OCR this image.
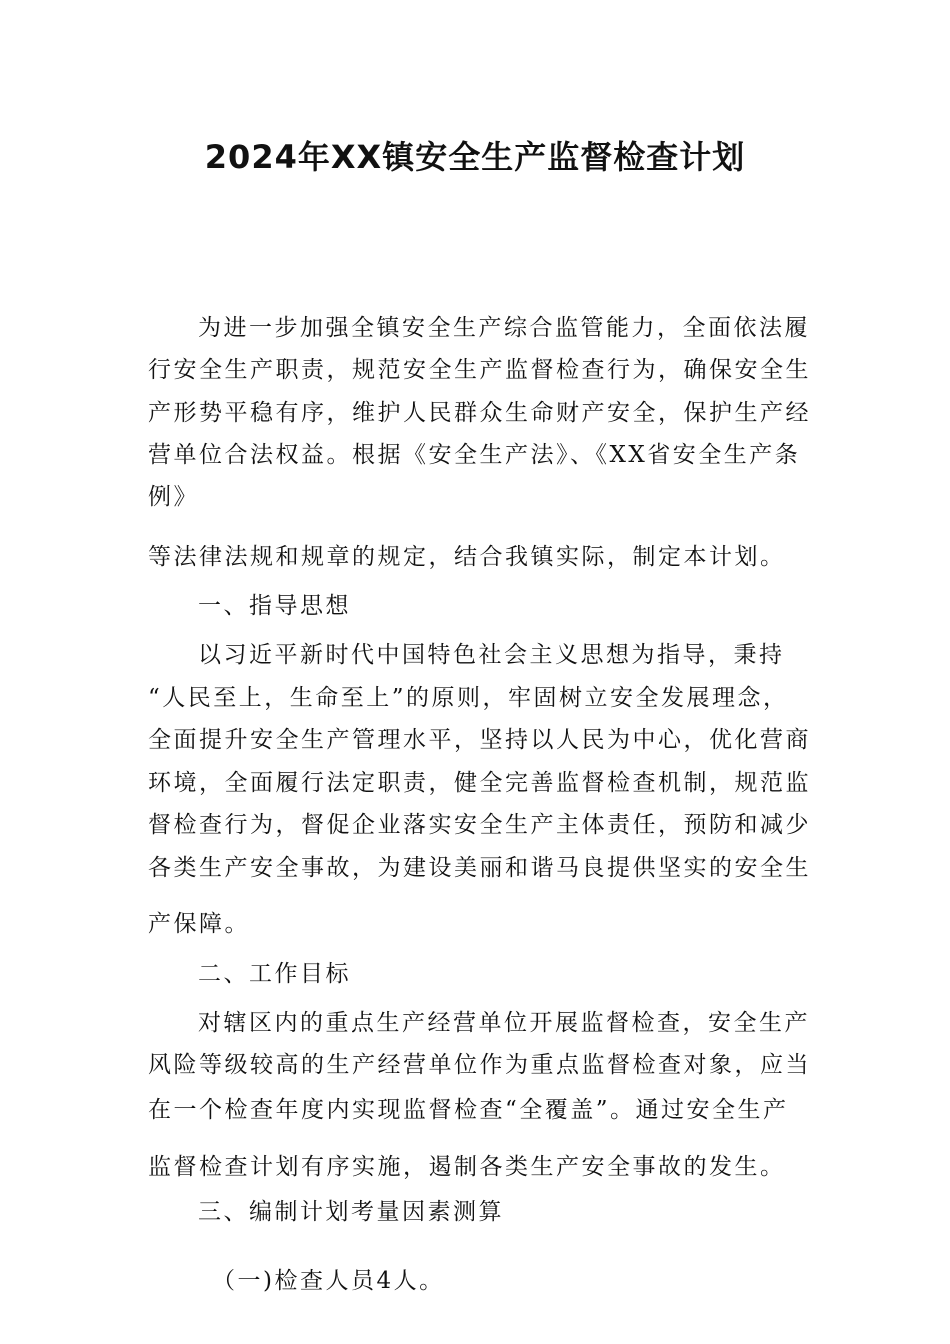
2024年XX镇安全生产监督检查计划

为进一步加强全镇安全生产综合监管能力，全面依法履

行安全生产职责，规范安全生产监督检查行为，确保安全生

产形势平稳有序，维护人民群众生命财产安全，保护生产经

营单位合法权益。根据《安全生产法》、《XX省安全生产条

例》

等法律法规和规章的规定，结合我镇实际，制定本计划。

一、指导思想

以习近平新时代中国特色社会主义思想为指导，秉持

“人民至上，生命至上”的原则，牢固树立安全发展理念，

全面提升安全生产管理水平，坚持以人民为中心，优化营商

环境，全面履行法定职责，健全完善监督检查机制，规范监

督检查行为，督促企业落实安全生产主体责任，预防和减少

各类生产安全事故，为建设美丽和谐马良提供坚实的安全生

产保障。

二、工作目标

对辖区内的重点生产经营单位开展监督检查，安全生产

风险等级较高的生产经营单位作为重点监督检查对象，应当

在一个检查年度内实现监督检查“全覆盖”。通过安全生产

监督检查计划有序实施，遏制各类生产安全事故的发生。

三、编制计划考量因素测算

（一)检查人员4人。
